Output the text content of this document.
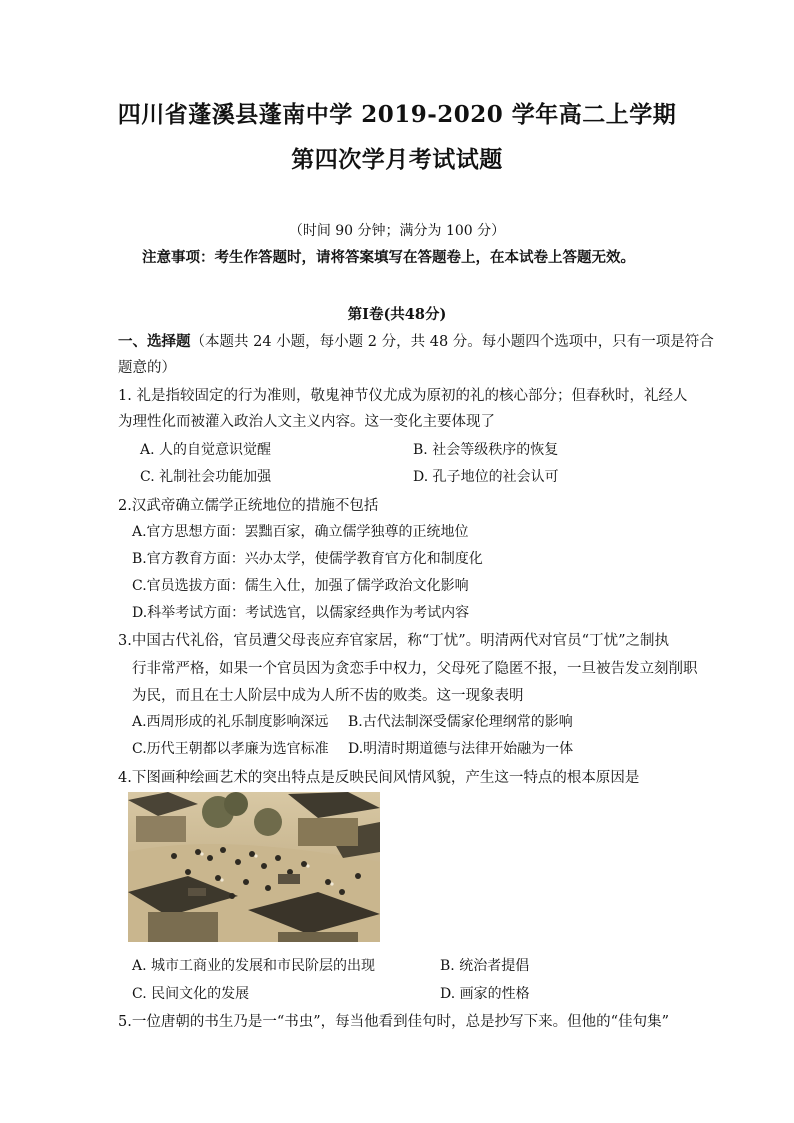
四川省蓬溪县蓬南中学 2019-2020 学年高二上学期
第四次学月考试试题
（时间 90 分钟；满分为 100 分）
注意事项：考生作答题时，请将答案填写在答题卷上，在本试卷上答题无效。
第Ⅰ卷(共48分)
一、选择题（本题共 24 小题，每小题 2 分，共 48 分。每小题四个选项中，只有一项是符合
题意的）
1. 礼是指较固定的行为准则，敬鬼神节仪尤成为原初的礼的核心部分；但春秋时，礼经人
为理性化而被灌入政治人文主义内容。这一变化主要体现了
A. 人的自觉意识觉醒	B. 社会等级秩序的恢复
C. 礼制社会功能加强	D. 孔子地位的社会认可
2.汉武帝确立儒学正统地位的措施不包括
A.官方思想方面：罢黜百家，确立儒学独尊的正统地位
B.官方教育方面：兴办太学，使儒学教育官方化和制度化
C.官员选拔方面：儒生入仕，加强了儒学政治文化影响
D.科举考试方面：考试选官，以儒家经典作为考试内容
3.中国古代礼俗，官员遭父母丧应弃官家居，称“丁忧”。明清两代对官员“丁忧”之制执
行非常严格，如果一个官员因为贪恋手中权力，父母死了隐匿不报，一旦被告发立刻削职
为民，而且在士人阶层中成为人所不齿的败类。这一现象表明
A.西周形成的礼乐制度影响深远 B.古代法制深受儒家伦理纲常的影响
C.历代王朝都以孝廉为选官标准 D.明清时期道德与法律开始融为一体
4.下图画种绘画艺术的突出特点是反映民间风情风貌，产生这一特点的根本原因是
A. 城市工商业的发展和市民阶层的出现	B. 统治者提倡
C. 民间文化的发展	D. 画家的性格
5.一位唐朝的书生乃是一“书虫”，每当他看到佳句时，总是抄写下来。但他的“佳句集”
